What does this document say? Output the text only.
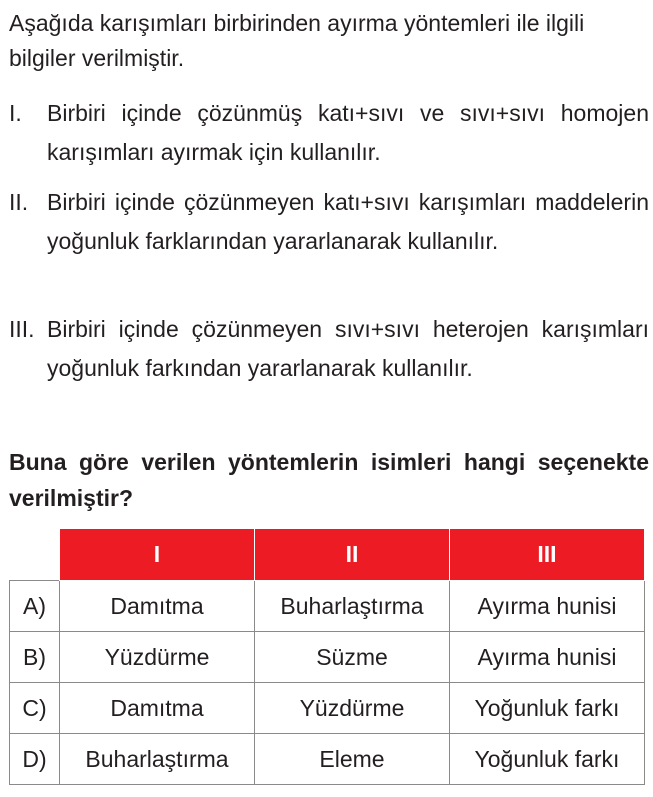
Aşağıda karışımları birbirinden ayırma yöntemleri ile ilgili bilgiler verilmiştir.

I.	Birbiri içinde çözünmüş katı+sıvı ve sıvı+sıvı homojen karışımları ayırmak için kullanılır.
II. Birbiri içinde çözünmeyen katı+sıvı karışımları maddelerin yoğunluk farklarından yararlanarak kullanılır.
III. Birbiri içinde çözünmeyen sıvı+sıvı heterojen karışımları yoğunluk farkından yararlanarak kullanılır.

Buna göre verilen yöntemlerin isimleri hangi seçenekte verilmiştir?

	I	II	III
A)	Damıtma	Buharlaştırma	Ayırma hunisi
B)	Yüzdürme	Süzme	Ayırma hunisi
C)	Damıtma	Yüzdürme	Yoğunluk farkı
D)	Buharlaştırma	Eleme	Yoğunluk farkı
